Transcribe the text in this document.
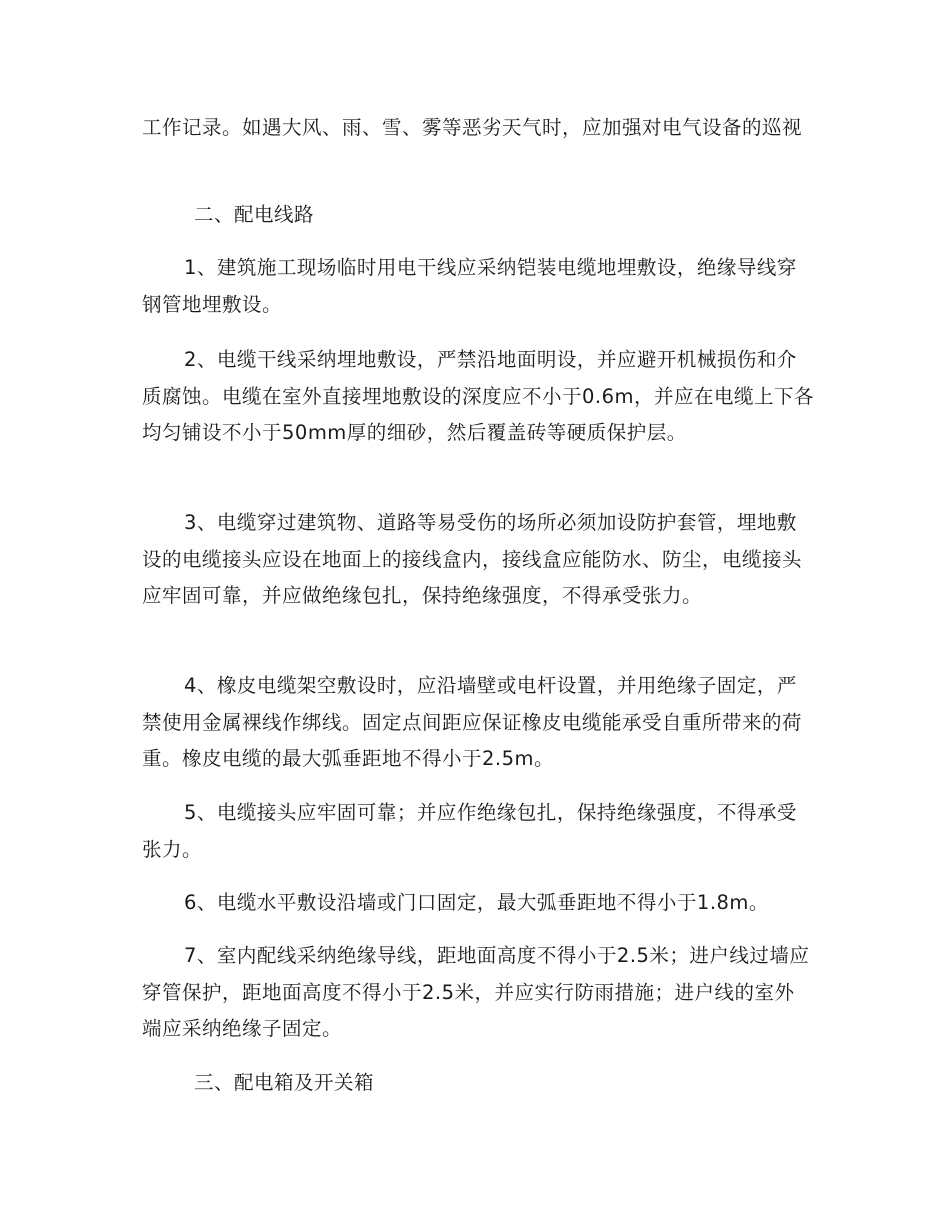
工作记录。如遇大风、雨、雪、雾等恶劣天气时，应加强对电气设备的巡视

二、配电线路

1、建筑施工现场临时用电干线应采纳铠装电缆地埋敷设，绝缘导线穿钢管地埋敷设。

2、电缆干线采纳埋地敷设，严禁沿地面明设，并应避开机械损伤和介质腐蚀。电缆在室外直接埋地敷设的深度应不小于0.6m，并应在电缆上下各均匀铺设不小于50mm厚的细砂，然后覆盖砖等硬质保护层。

3、电缆穿过建筑物、道路等易受伤的场所必须加设防护套管，埋地敷设的电缆接头应设在地面上的接线盒内，接线盒应能防水、防尘，电缆接头应牢固可靠，并应做绝缘包扎，保持绝缘强度，不得承受张力。

4、橡皮电缆架空敷设时，应沿墙壁或电杆设置，并用绝缘子固定，严禁使用金属裸线作绑线。固定点间距应保证橡皮电缆能承受自重所带来的荷重。橡皮电缆的最大弧垂距地不得小于2.5m。

5、电缆接头应牢固可靠；并应作绝缘包扎，保持绝缘强度，不得承受张力。

6、电缆水平敷设沿墙或门口固定，最大弧垂距地不得小于1.8m。

7、室内配线采纳绝缘导线，距地面高度不得小于2.5米；进户线过墙应穿管保护，距地面高度不得小于2.5米，并应实行防雨措施；进户线的室外端应采纳绝缘子固定。

三、配电箱及开关箱
